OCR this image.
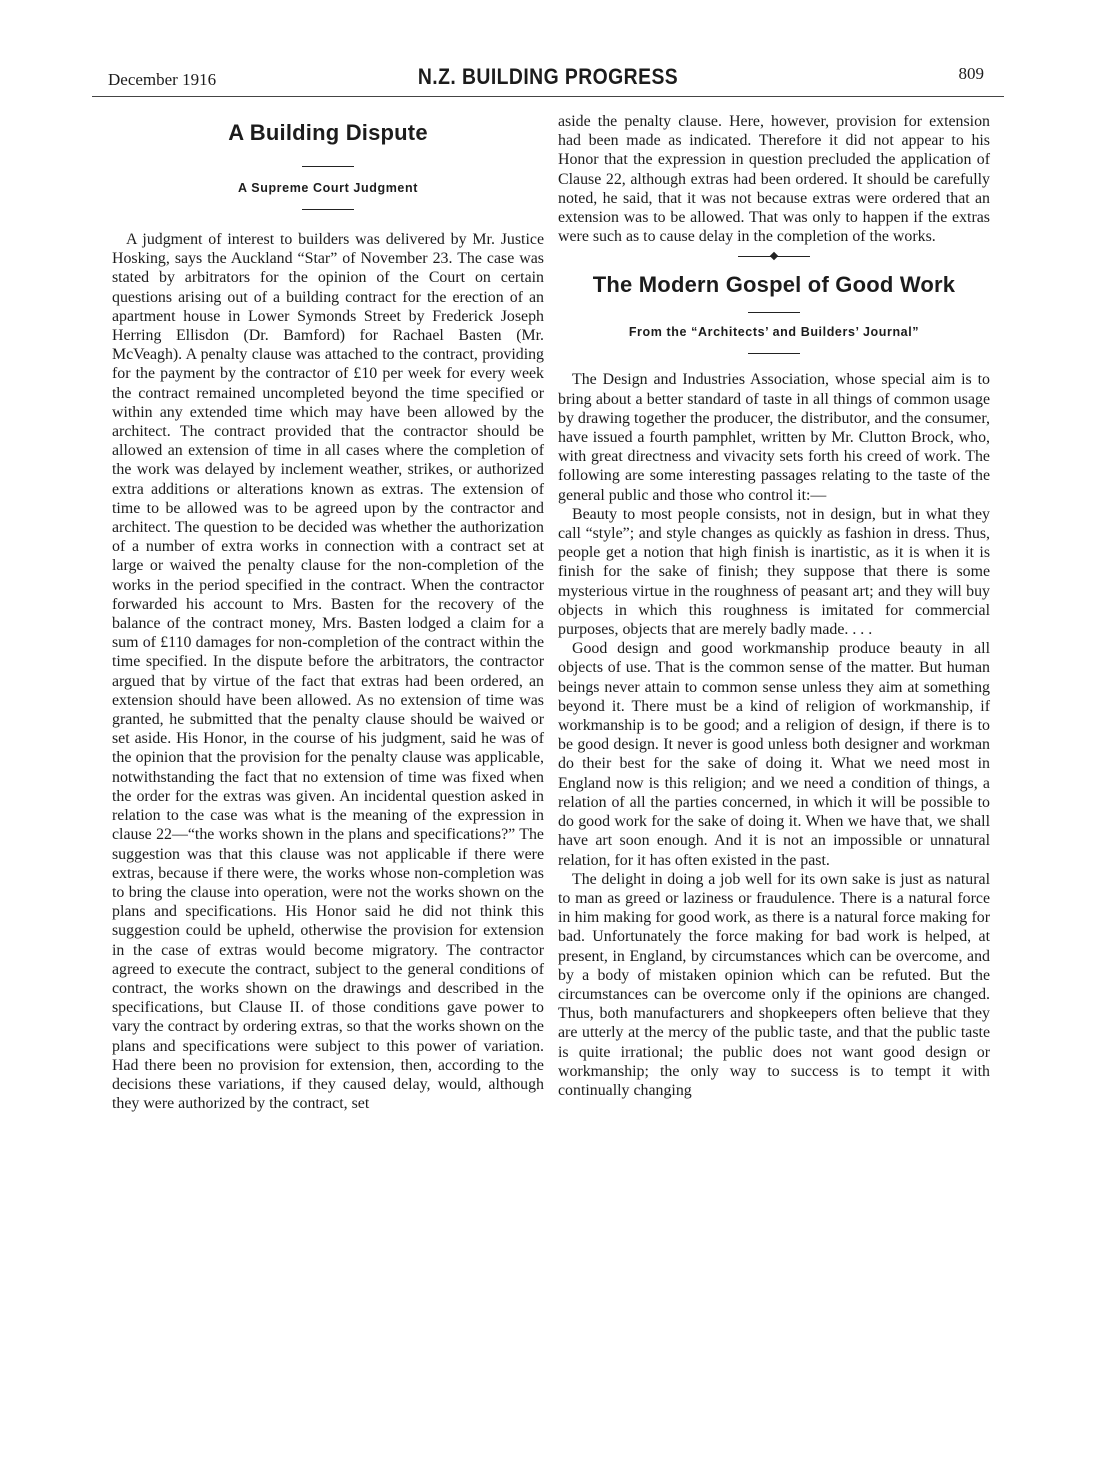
December 1916	N.Z. BUILDING PROGRESS	809
A Building Dispute
A Supreme Court Judgment

A judgment of interest to builders was delivered by Mr. Justice Hosking, says the Auckland “Star” of November 23. The case was stated by arbitrators for the opinion of the Court on certain questions arising out of a building contract for the erection of an apartment house in Lower Symonds Street by Frederick Joseph Herring Ellisdon (Dr. Bamford) for Rachael Basten (Mr. McVeagh). A penalty clause was attached to the contract, providing for the payment by the contractor of £10 per week for every week the contract remained uncompleted beyond the time specified or within any extended time which may have been allowed by the architect. The contract provided that the contractor should be allowed an extension of time in all cases where the completion of the work was delayed by inclement weather, strikes, or authorized extra additions or alterations known as extras. The extension of time to be allowed was to be agreed upon by the contractor and architect. The question to be decided was whether the authorization of a number of extra works in connection with a contract set at large or waived the penalty clause for the non-completion of the works in the period specified in the contract. When the contractor forwarded his account to Mrs. Basten for the recovery of the balance of the contract money, Mrs. Basten lodged a claim for a sum of £110 damages for non-completion of the contract within the time specified. In the dispute before the arbitrators, the contractor argued that by virtue of the fact that extras had been ordered, an extension should have been allowed. As no extension of time was granted, he submitted that the penalty clause should be waived or set aside. His Honor, in the course of his judgment, said he was of the opinion that the provision for the penalty clause was applicable, notwithstanding the fact that no extension of time was fixed when the order for the extras was given. An incidental question asked in relation to the case was what is the meaning of the expression in clause 22—“the works shown in the plans and specifications?” The suggestion was that this clause was not applicable if there were extras, because if there were, the works whose non-completion was to bring the clause into operation, were not the works shown on the plans and specifications. His Honor said he did not think this suggestion could be upheld, otherwise the provision for extension in the case of extras would become migratory. The contractor agreed to execute the contract, subject to the general conditions of contract, the works shown on the drawings and described in the specifications, but Clause II. of those conditions gave power to vary the contract by ordering extras, so that the works shown on the plans and specifications were subject to this power of variation. Had there been no provision for extension, then, according to the decisions these variations, if they caused delay, would, although they were authorized by the contract, set

aside the penalty clause. Here, however, provision for extension had been made as indicated. Therefore it did not appear to his Honor that the expression in question precluded the application of Clause 22, although extras had been ordered. It should be carefully noted, he said, that it was not because extras were ordered that an extension was to be allowed. That was only to happen if the extras were such as to cause delay in the completion of the works.

The Modern Gospel of Good Work
From the “Architects’ and Builders’ Journal”

The Design and Industries Association, whose special aim is to bring about a better standard of taste in all things of common usage by drawing together the producer, the distributor, and the consumer, have issued a fourth pamphlet, written by Mr. Clutton Brock, who, with great directness and vivacity sets forth his creed of work. The following are some interesting passages relating to the taste of the general public and those who control it:—

Beauty to most people consists, not in design, but in what they call “style”; and style changes as quickly as fashion in dress. Thus, people get a notion that high finish is inartistic, as it is when it is finish for the sake of finish; they suppose that there is some mysterious virtue in the roughness of peasant art; and they will buy objects in which this roughness is imitated for commercial purposes, objects that are merely badly made. . . .

Good design and good workmanship produce beauty in all objects of use. That is the common sense of the matter. But human beings never attain to common sense unless they aim at something beyond it. There must be a kind of religion of workmanship, if workmanship is to be good; and a religion of design, if there is to be good design. It never is good unless both designer and workman do their best for the sake of doing it. What we need most in England now is this religion; and we need a condition of things, a relation of all the parties concerned, in which it will be possible to do good work for the sake of doing it. When we have that, we shall have art soon enough. And it is not an impossible or unnatural relation, for it has often existed in the past.

The delight in doing a job well for its own sake is just as natural to man as greed or laziness or fraudulence. There is a natural force in him making for good work, as there is a natural force making for bad. Unfortunately the force making for bad work is helped, at present, in England, by circumstances which can be overcome, and by a body of mistaken opinion which can be refuted. But the circumstances can be overcome only if the opinions are changed. Thus, both manufacturers and shopkeepers often believe that they are utterly at the mercy of the public taste, and that the public taste is quite irrational; the public does not want good design or workmanship; the only way to success is to tempt it with continually changing
